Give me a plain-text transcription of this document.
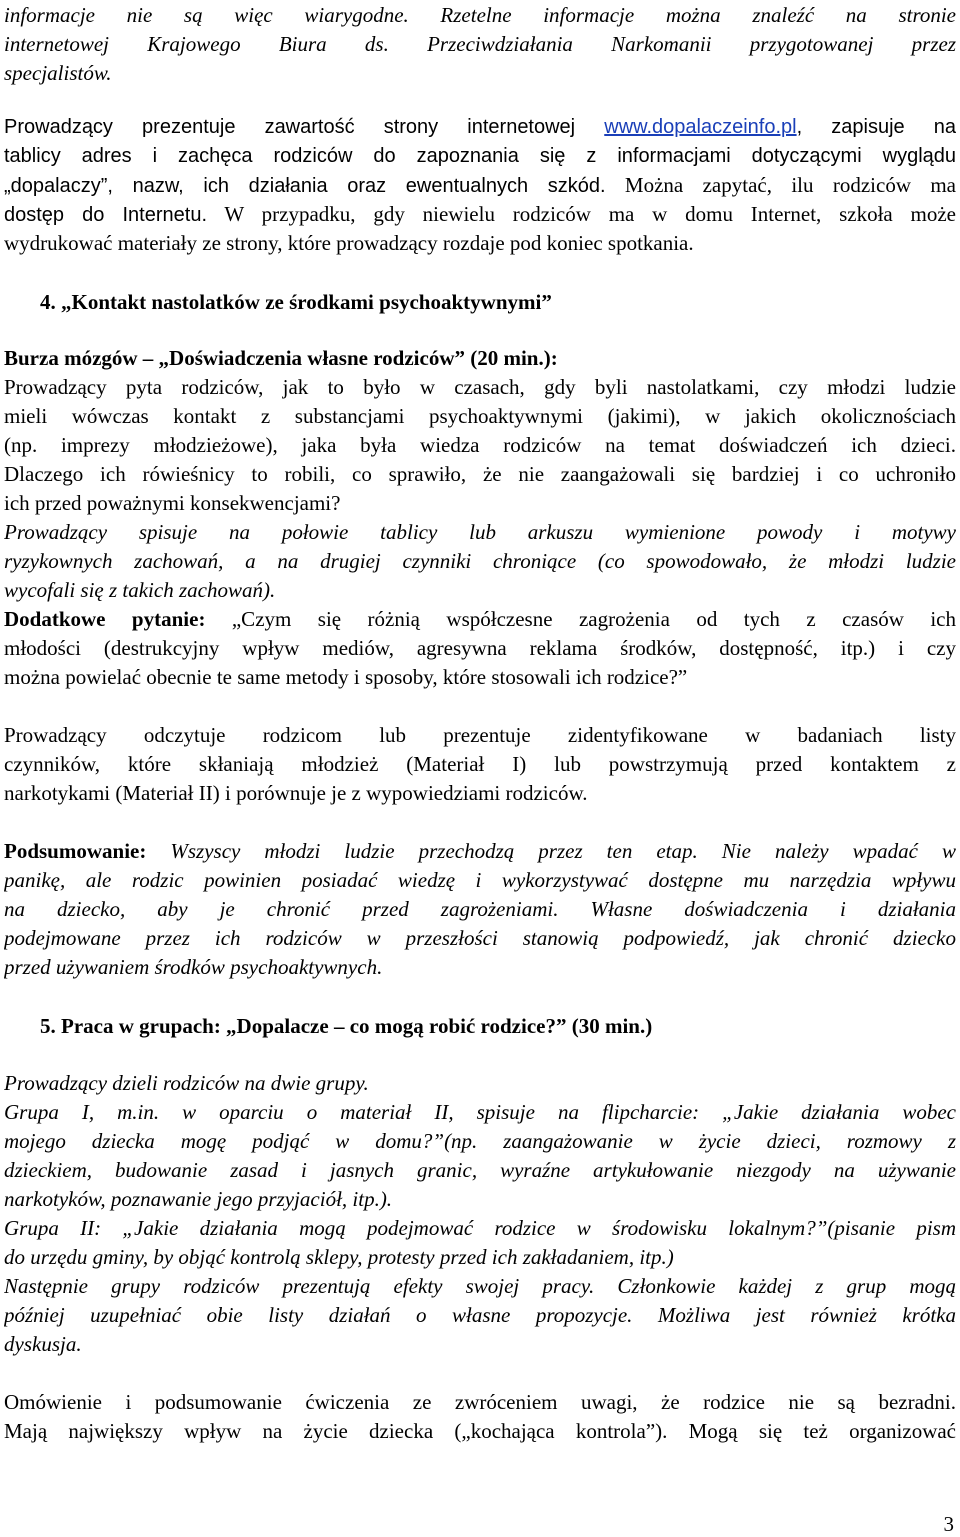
informacje nie są więc wiarygodne. Rzetelne informacje można znaleźć na stronie
internetowej Krajowego Biura ds. Przeciwdziałania Narkomanii przygotowanej przez
specjalistów.
Prowadzący prezentuje zawartość strony internetowej www.dopalaczeinfo.pl, zapisuje na
tablicy adres i zachęca rodziców do zapoznania się z informacjami dotyczącymi wyglądu
„dopalaczy”, nazw, ich działania oraz ewentualnych szkód. Można zapytać, ilu rodziców ma
dostęp do Internetu. W przypadku, gdy niewielu rodziców ma w domu Internet, szkoła może
wydrukować materiały ze strony, które prowadzący rozdaje pod koniec spotkania.
4. „Kontakt nastolatków ze środkami psychoaktywnymi”
Burza mózgów – „Doświadczenia własne rodziców” (20 min.):
Prowadzący pyta rodziców, jak to było w czasach, gdy byli nastolatkami, czy młodzi ludzie
mieli wówczas kontakt z substancjami psychoaktywnymi (jakimi), w jakich okolicznościach
(np. imprezy młodzieżowe), jaka była wiedza rodziców na temat doświadczeń ich dzieci.
Dlaczego ich rówieśnicy to robili, co sprawiło, że nie zaangażowali się bardziej i co uchroniło
ich przed poważnymi konsekwencjami?
Prowadzący spisuje na połowie tablicy lub arkuszu wymienione powody i motywy
ryzykownych zachowań, a na drugiej czynniki chroniące (co spowodowało, że młodzi ludzie
wycofali się z takich zachowań).
Dodatkowe pytanie: „Czym się różnią współczesne zagrożenia od tych z czasów ich
młodości (destrukcyjny wpływ mediów, agresywna reklama środków, dostępność, itp.) i czy
można powielać obecnie te same metody i sposoby, które stosowali ich rodzice?”
Prowadzący odczytuje rodzicom lub prezentuje zidentyfikowane w badaniach listy
czynników, które skłaniają młodzież (Materiał I) lub powstrzymują przed kontaktem z
narkotykami (Materiał II) i porównuje je z wypowiedziami rodziców.
Podsumowanie: Wszyscy młodzi ludzie przechodzą przez ten etap. Nie należy wpadać w
panikę, ale rodzic powinien posiadać wiedzę i wykorzystywać dostępne mu narzędzia wpływu
na dziecko, aby je chronić przed zagrożeniami. Własne doświadczenia i działania
podejmowane przez ich rodziców w przeszłości stanowią podpowiedź, jak chronić dziecko
przed używaniem środków psychoaktywnych.
5. Praca w grupach: „Dopalacze – co mogą robić rodzice?” (30 min.)
Prowadzący dzieli rodziców na dwie grupy.
Grupa I, m.in. w oparciu o materiał II, spisuje na flipcharcie: „Jakie działania wobec
mojego dziecka mogę podjąć w domu?”(np. zaangażowanie w życie dzieci, rozmowy z
dzieckiem, budowanie zasad i jasnych granic, wyraźne artykułowanie niezgody na używanie
narkotyków, poznawanie jego przyjaciół, itp.).
Grupa II: „Jakie działania mogą podejmować rodzice w środowisku lokalnym?”(pisanie pism
do urzędu gminy, by objąć kontrolą sklepy, protesty przed ich zakładaniem, itp.)
Następnie grupy rodziców prezentują efekty swojej pracy. Członkowie każdej z grup mogą
później uzupełniać obie listy działań o własne propozycje. Możliwa jest również krótka
dyskusja.
Omówienie i podsumowanie ćwiczenia ze zwróceniem uwagi, że rodzice nie są bezradni.
Mają największy wpływ na życie dziecka („kochająca kontrola”). Mogą się też organizować
3
